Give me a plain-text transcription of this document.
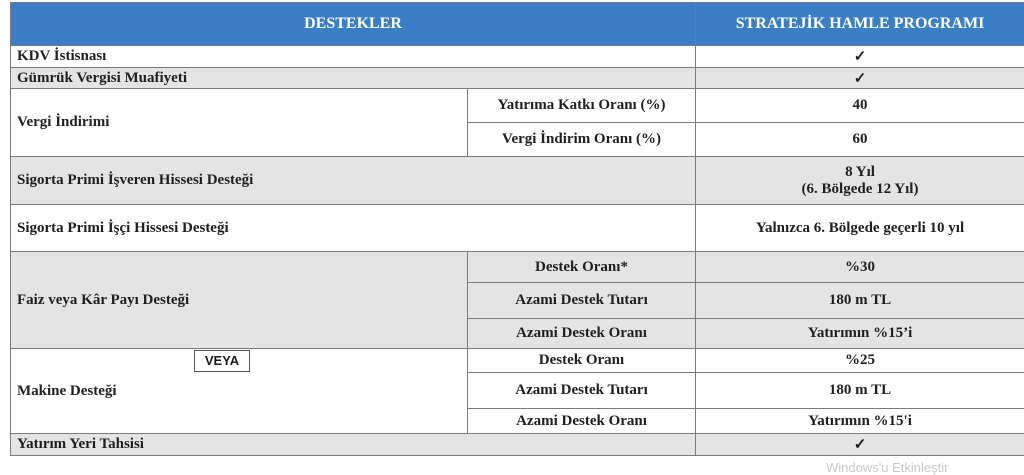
DESTEKLER		STRATEJİK HAMLE PROGRAMI
KDV İstisnası		✓
Gümrük Vergisi Muafiyeti		✓
Vergi İndirimi	Yatırıma Katkı Oranı (%)	40
	Vergi İndirim Oranı (%)	60
Sigorta Primi İşveren Hissesi Desteği		8 Yıl
(6. Bölgede 12 Yıl)

Sigorta Primi İşçi Hissesi Desteği		Yalnızca 6. Bölgede geçerli 10 yıl
Faiz veya Kâr Payı Desteği	Destek Oranı*	%30
	Azami Destek Tutarı	180 m TL
	Azami Destek Oranı	Yatırımın %15’i
Makine Desteği	Destek Oranı	%25
	Azami Destek Tutarı	180 m TL
	Azami Destek Oranı	Yatırımın %15'i
Yatırım Yeri Tahsisi		✓
VEYA
Windows'u Etkinleştir
